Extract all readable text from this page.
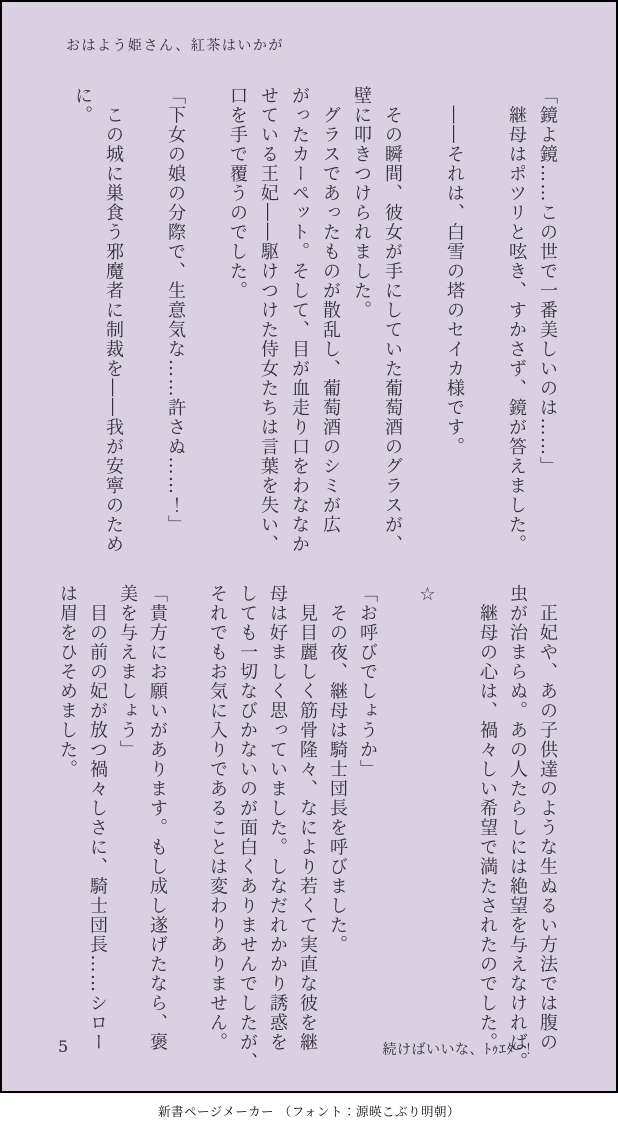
おはよう姫さん、紅茶はいかが
「鏡よ鏡……この世で一番美しいのは……」
　継母はポツリと呟き、すかさず、鏡が答えました。
　――それは、白雪の塔のセイカ様です。
　その瞬間、彼女が手にしていた葡萄酒のグラスが、
壁に叩きつけられました。
　グラスであったものが散乱し、葡萄酒のシミが広
がったカーペット。そして、目が血走り口をわななか
せている王妃――駆けつけた侍女たちは言葉を失い、
口を手で覆うのでした。
「下女の娘の分際で、生意気な……許さぬ……！」
　この城に巣食う邪魔者に制裁を――我が安寧のため
に。
　正妃や、あの子供達のような生ぬるい方法では腹の
虫が治まらぬ。あの人たらしには絶望を与えなければ。
　継母の心は、禍々しい希望で満たされたのでした。
☆
「お呼びでしょうか」
　その夜、継母は騎士団長を呼びました。
　見目麗しく筋骨隆々、なにより若くて実直な彼を継
母は好ましく思っていました。しなだれかかり誘惑を
しても一切なびかないのが面白くありませんでしたが、
それでもお気に入りであることは変わりありません。
「貴方にお願いがあります。もし成し遂げたなら、褒
美を与えましょう」
　目の前の妃が放つ禍々しさに、騎士団長……シロー
は眉をひそめました。
5	続けばいいな、ﾄｩｴﾀｰ！
新書ページメーカー （フォント：源暎こぶり明朝）
